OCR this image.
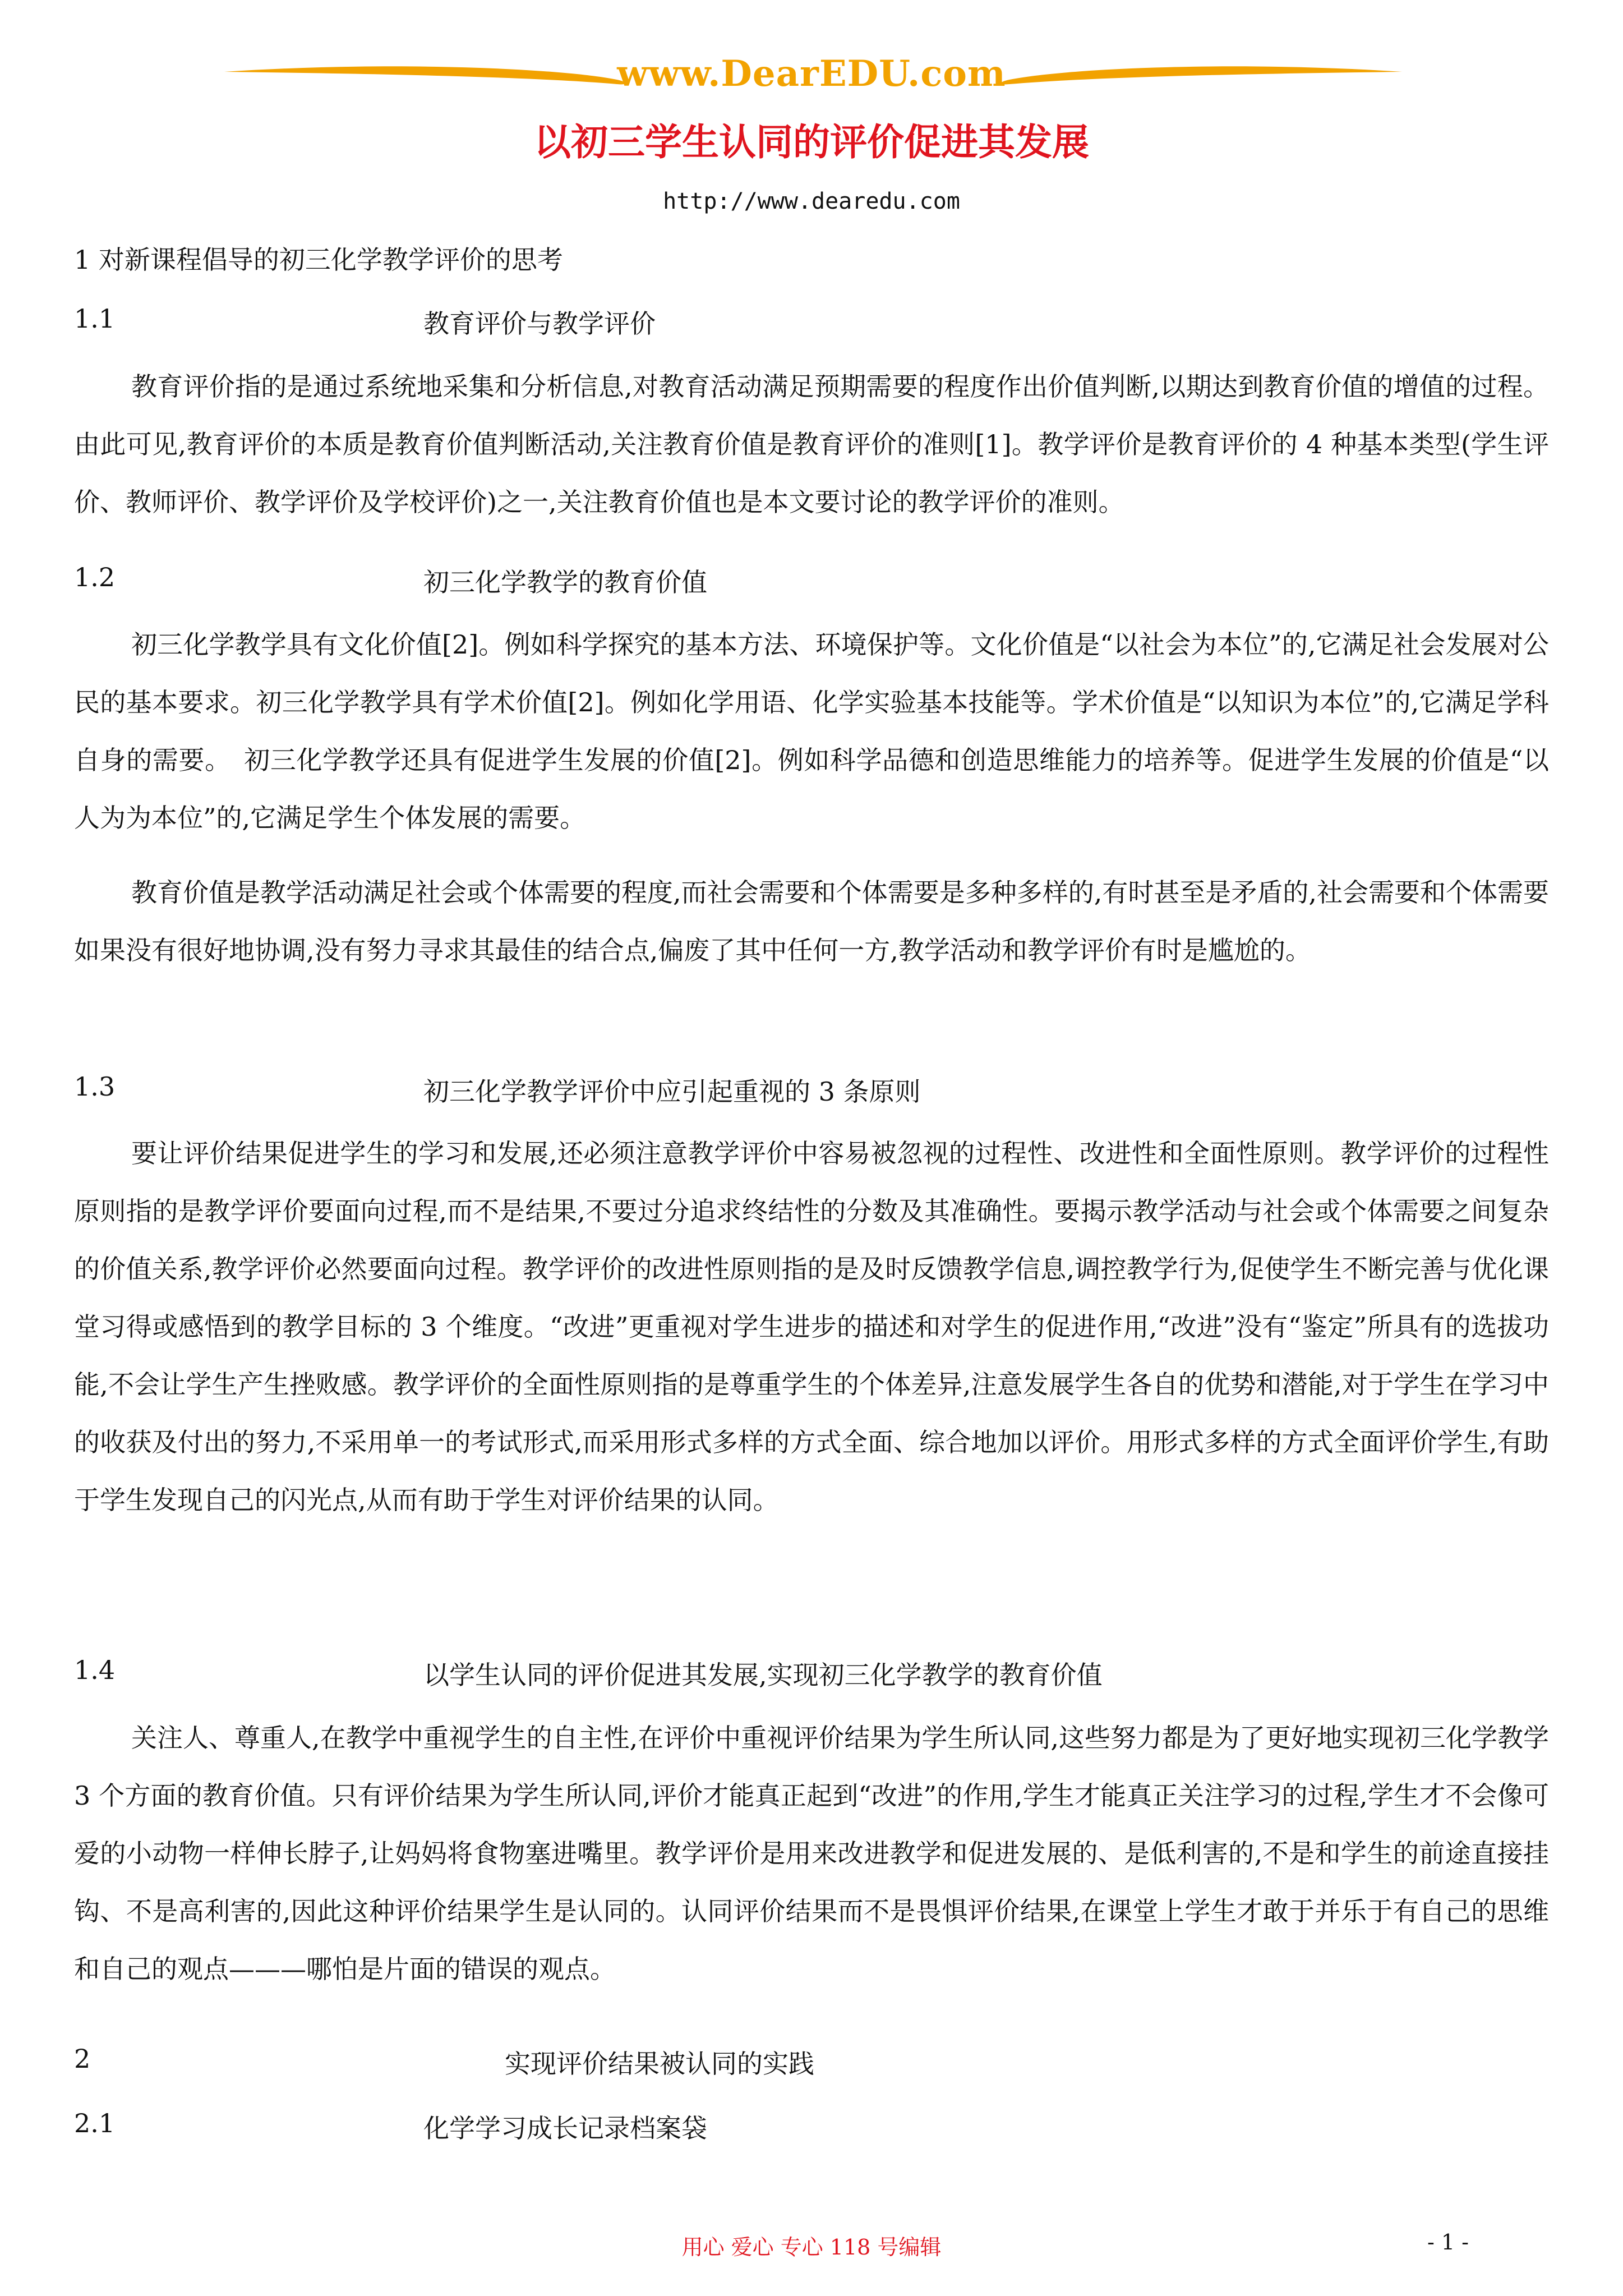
www.DearEDU.com
以初三学生认同的评价促进其发展
http://www.dearedu.com
1 对新课程倡导的初三化学教学评价的思考
1.1	教育评价与教学评价
教育评价指的是通过系统地采集和分析信息,对教育活动满足预期需要的程度作出价值判断,以期达到教育价值的增值的过程。由此可见,教育评价的本质是教育价值判断活动,关注教育价值是教育评价的准则[1]。教学评价是教育评价的 4 种基本类型(学生评价、教师评价、教学评价及学校评价)之一,关注教育价值也是本文要讨论的教学评价的准则。
1.2	初三化学教学的教育价值
初三化学教学具有文化价值[2]。例如科学探究的基本方法、环境保护等。文化价值是“以社会为本位”的,它满足社会发展对公民的基本要求。初三化学教学具有学术价值[2]。例如化学用语、化学实验基本技能等。学术价值是“以知识为本位”的,它满足学科自身的需要。　初三化学教学还具有促进学生发展的价值[2]。例如科学品德和创造思维能力的培养等。促进学生发展的价值是“以人为为本位”的,它满足学生个体发展的需要。
教育价值是教学活动满足社会或个体需要的程度,而社会需要和个体需要是多种多样的,有时甚至是矛盾的,社会需要和个体需要如果没有很好地协调,没有努力寻求其最佳的结合点,偏废了其中任何一方,教学活动和教学评价有时是尴尬的。
1.3	初三化学教学评价中应引起重视的 3 条原则
要让评价结果促进学生的学习和发展,还必须注意教学评价中容易被忽视的过程性、改进性和全面性原则。教学评价的过程性原则指的是教学评价要面向过程,而不是结果,不要过分追求终结性的分数及其准确性。要揭示教学活动与社会或个体需要之间复杂的价值关系,教学评价必然要面向过程。教学评价的改进性原则指的是及时反馈教学信息,调控教学行为,促使学生不断完善与优化课堂习得或感悟到的教学目标的 3 个维度。“改进”更重视对学生进步的描述和对学生的促进作用,“改进”没有“鉴定”所具有的选拔功能,不会让学生产生挫败感。教学评价的全面性原则指的是尊重学生的个体差异,注意发展学生各自的优势和潜能,对于学生在学习中的收获及付出的努力,不采用单一的考试形式,而采用形式多样的方式全面、综合地加以评价。用形式多样的方式全面评价学生,有助于学生发现自己的闪光点,从而有助于学生对评价结果的认同。
1.4	以学生认同的评价促进其发展,实现初三化学教学的教育价值
关注人、尊重人,在教学中重视学生的自主性,在评价中重视评价结果为学生所认同,这些努力都是为了更好地实现初三化学教学 3 个方面的教育价值。只有评价结果为学生所认同,评价才能真正起到“改进”的作用,学生才能真正关注学习的过程,学生才不会像可爱的小动物一样伸长脖子,让妈妈将食物塞进嘴里。教学评价是用来改进教学和促进发展的、是低利害的,不是和学生的前途直接挂钩、不是高利害的,因此这种评价结果学生是认同的。认同评价结果而不是畏惧评价结果,在课堂上学生才敢于并乐于有自己的思维和自己的观点———哪怕是片面的错误的观点。
2	实现评价结果被认同的实践
2.1	化学学习成长记录档案袋
用心 爱心 专心 118 号编辑	- 1 -
